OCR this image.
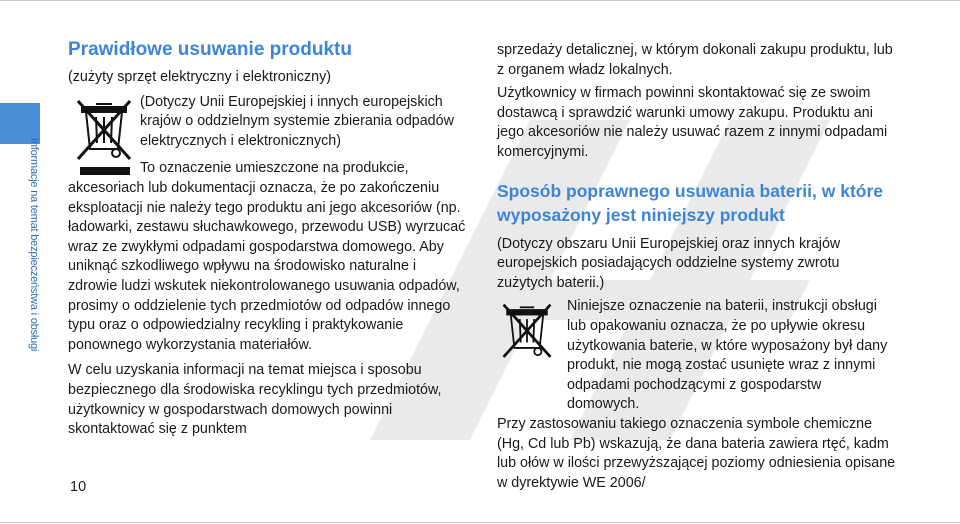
Informacje na temat bezpieczeństwa i obsługi
Prawidłowe usuwanie produktu

(zużyty sprzęt elektryczny i elektroniczny)

(Dotyczy Unii Europejskiej i innych europejskich krajów o oddzielnym systemie zbierania odpadów elektrycznych i elektronicznych)

To oznaczenie umieszczone na produkcie, akcesoriach lub dokumentacji oznacza, że po zakończeniu eksploatacji nie należy tego produktu ani jego akcesoriów (np. ładowarki, zestawu słuchawkowego, przewodu USB) wyrzucać wraz ze zwykłymi odpadami gospodarstwa domowego. Aby uniknąć szkodliwego wpływu na środowisko naturalne i zdrowie ludzi wskutek niekontrolowanego usuwania odpadów, prosimy o oddzielenie tych przedmiotów od odpadów innego typu oraz o odpowiedzialny recykling i praktykowanie ponownego wykorzystania materiałów.

W celu uzyskania informacji na temat miejsca i sposobu bezpiecznego dla środowiska recyklingu tych przedmiotów, użytkownicy w gospodarstwach domowych powinni skontaktować się z punktem

sprzedaży detalicznej, w którym dokonali zakupu produktu, lub z organem władz lokalnych.

Użytkownicy w firmach powinni skontaktować się ze swoim dostawcą i sprawdzić warunki umowy zakupu. Produktu ani jego akcesoriów nie należy usuwać razem z innymi odpadami komercyjnymi.

Sposób poprawnego usuwania baterii, w które wyposażony jest niniejszy produkt

(Dotyczy obszaru Unii Europejskiej oraz innych krajów europejskich posiadających oddzielne systemy zwrotu zużytych baterii.)

Niniejsze oznaczenie na baterii, instrukcji obsługi lub opakowaniu oznacza, że po upływie okresu użytkowania baterie, w które wyposażony był dany produkt, nie mogą zostać usunięte wraz z innymi odpadami pochodzącymi z gospodarstw domowych.

Przy zastosowaniu takiego oznaczenia symbole chemiczne (Hg, Cd lub Pb) wskazują, że dana bateria zawiera rtęć, kadm lub ołów w ilości przewyższającej poziomy odniesienia opisane w dyrektywie WE 2006/

10
